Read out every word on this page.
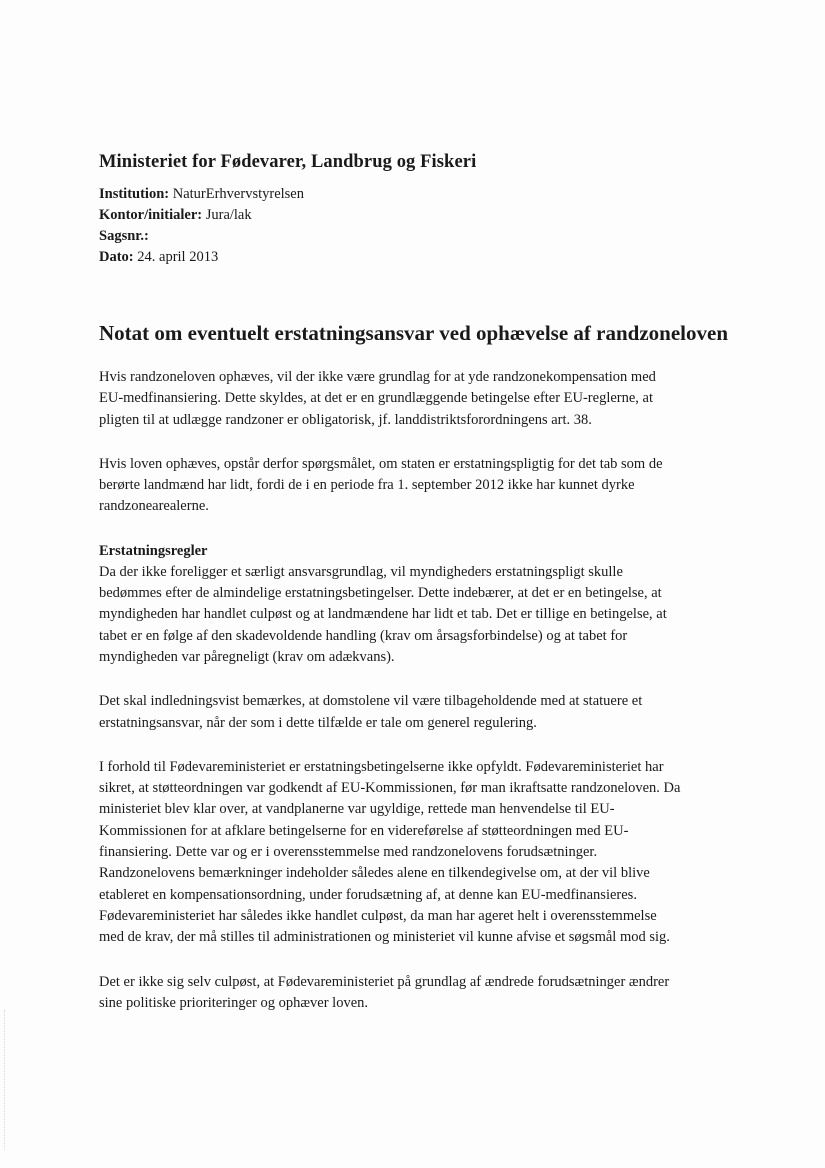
Ministeriet for Fødevarer, Landbrug og Fiskeri

Institution: NaturErhvervstyrelsen

Kontor/initialer: Jura/lak

Sagsnr.:

Dato: 24. april 2013

Notat om eventuelt erstatningsansvar ved ophævelse af randzoneloven

Hvis randzoneloven ophæves, vil der ikke være grundlag for at yde randzonekompensation med
EU-medfinansiering. Dette skyldes, at det er en grundlæggende betingelse efter EU-reglerne, at
pligten til at udlægge randzoner er obligatorisk, jf. landdistriktsforordningens art. 38.

Hvis loven ophæves, opstår derfor spørgsmålet, om staten er erstatningspligtig for det tab som de
berørte landmænd har lidt, fordi de i en periode fra 1. september 2012 ikke har kunnet dyrke
randzonearealerne.

Erstatningsregler

Da der ikke foreligger et særligt ansvarsgrundlag, vil myndigheders erstatningspligt skulle
bedømmes efter de almindelige erstatningsbetingelser. Dette indebærer, at det er en betingelse, at
myndigheden har handlet culpøst og at landmændene har lidt et tab. Det er tillige en betingelse, at
tabet er en følge af den skadevoldende handling (krav om årsagsforbindelse) og at tabet for
myndigheden var påregneligt (krav om adækvans).

Det skal indledningsvist bemærkes, at domstolene vil være tilbageholdende med at statuere et
erstatningsansvar, når der som i dette tilfælde er tale om generel regulering.

I forhold til Fødevareministeriet er erstatningsbetingelserne ikke opfyldt. Fødevareministeriet har
sikret, at støtteordningen var godkendt af EU-Kommissionen, før man ikraftsatte randzoneloven. Da
ministeriet blev klar over, at vandplanerne var ugyldige, rettede man henvendelse til EU-
Kommissionen for at afklare betingelserne for en videreførelse af støtteordningen med EU-
finansiering. Dette var og er i overensstemmelse med randzonelovens forudsætninger.
Randzonelovens bemærkninger indeholder således alene en tilkendegivelse om, at der vil blive
etableret en kompensationsordning, under forudsætning af, at denne kan EU-medfinansieres.
Fødevareministeriet har således ikke handlet culpøst, da man har ageret helt i overensstemmelse
med de krav, der må stilles til administrationen og ministeriet vil kunne afvise et søgsmål mod sig.

Det er ikke sig selv culpøst, at Fødevareministeriet på grundlag af ændrede forudsætninger ændrer
sine politiske prioriteringer og ophæver loven.
